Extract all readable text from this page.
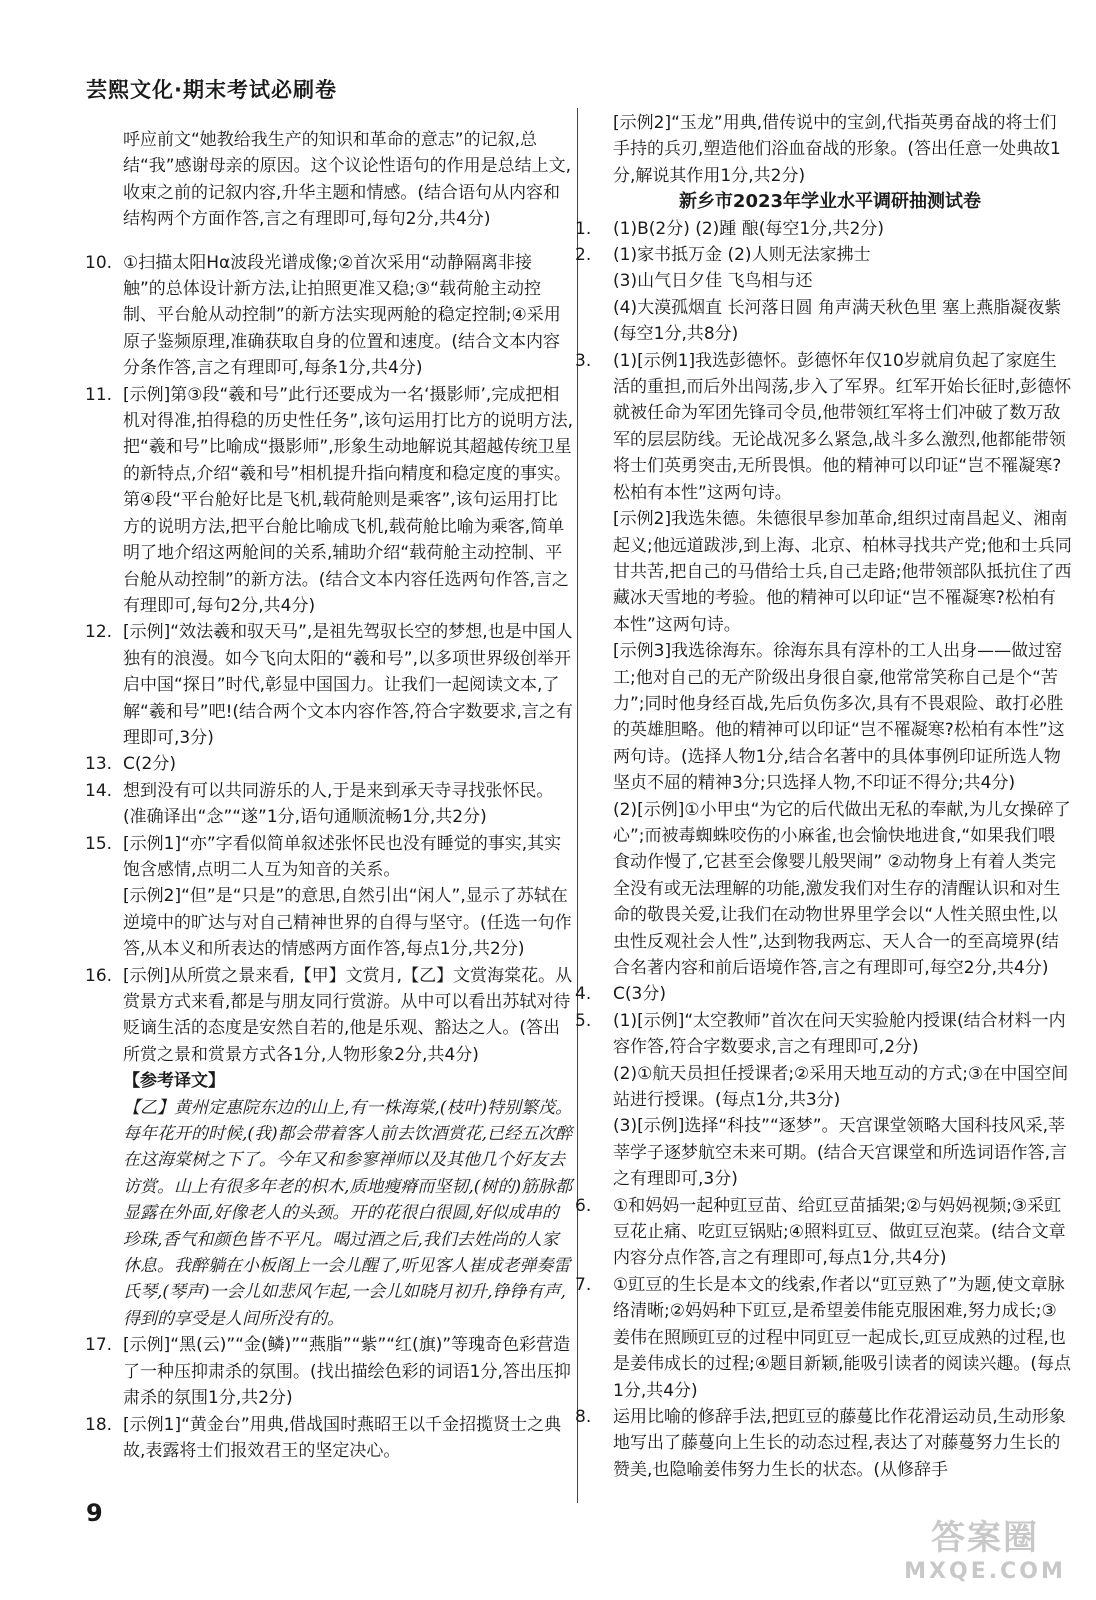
芸熙文化·期末考试必刷卷

呼应前文“她教给我生产的知识和革命的意志”的记叙,总结“我”感谢母亲的原因。这个议论性语句的作用是总结上文,收束之前的记叙内容,升华主题和情感。(结合语句从内容和结构两个方面作答,言之有理即可,每句2分,共4分)

10. ①扫描太阳Hα波段光谱成像;②首次采用“动静隔离非接触”的总体设计新方法,让拍照更准又稳;③“载荷舱主动控制、平台舱从动控制”的新方法实现两舱的稳定控制;④采用原子鉴频原理,准确获取自身的位置和速度。(结合文本内容分条作答,言之有理即可,每条1分,共4分)
11. [示例]第③段“羲和号”此行还要成为一名‘摄影师’,完成把相机对得准,拍得稳的历史性任务”,该句运用打比方的说明方法,把“羲和号”比喻成“摄影师”,形象生动地解说其超越传统卫星的新特点,介绍“羲和号”相机提升指向精度和稳定度的事实。第④段“平台舱好比是飞机,载荷舱则是乘客”,该句运用打比方的说明方法,把平台舱比喻成飞机,载荷舱比喻为乘客,简单明了地介绍这两舱间的关系,辅助介绍“载荷舱主动控制、平台舱从动控制”的新方法。(结合文本内容任选两句作答,言之有理即可,每句2分,共4分)
12. [示例]“效法羲和驭天马”,是祖先驾驭长空的梦想,也是中国人独有的浪漫。如今飞向太阳的“羲和号”,以多项世界级创举开启中国“探日”时代,彰显中国国力。让我们一起阅读文本,了解“羲和号”吧!(结合两个文本内容作答,符合字数要求,言之有理即可,3分)
13. C(2分)
14. 想到没有可以共同游乐的人,于是来到承天寺寻找张怀民。(准确译出“念”“遂”1分,语句通顺流畅1分,共2分)
15. [示例1]“亦”字看似简单叙述张怀民也没有睡觉的事实,其实饱含感情,点明二人互为知音的关系。

[示例2]“但”是“只是”的意思,自然引出“闲人”,显示了苏轼在逆境中的旷达与对自己精神世界的自得与坚守。(任选一句作答,从本义和所表达的情感两方面作答,每点1分,共2分)

16. [示例]从所赏之景来看,【甲】文赏月,【乙】文赏海棠花。从赏景方式来看,都是与朋友同行赏游。从中可以看出苏轼对待贬谪生活的态度是安然自若的,他是乐观、豁达之人。(答出所赏之景和赏景方式各1分,人物形象2分,共4分)

【参考译文】

【乙】黄州定惠院东边的山上,有一株海棠,(枝叶)特别繁茂。每年花开的时候,(我)都会带着客人前去饮酒赏花,已经五次醉在这海棠树之下了。今年又和参寥禅师以及其他几个好友去访赏。山上有很多年老的枳木,质地瘦瘠而坚韧,(树的)筋脉都显露在外面,好像老人的头颈。开的花很白很圆,好似成串的珍珠,香气和颜色皆不平凡。喝过酒之后,我们去姓尚的人家休息。我醉躺在小板阁上一会儿醒了,听见客人崔成老弹奏雷氏琴,(琴声)一会儿如悲风乍起,一会儿如晓月初升,铮铮有声,得到的享受是人间所没有的。

17. [示例]“黑(云)”“金(鳞)”“燕脂”“紫”“红(旗)”等瑰奇色彩营造了一种压抑肃杀的氛围。(找出描绘色彩的词语1分,答出压抑肃杀的氛围1分,共2分)
18. [示例1]“黄金台”用典,借战国时燕昭王以千金招揽贤士之典故,表露将士们报效君王的坚定决心。

[示例2]“玉龙”用典,借传说中的宝剑,代指英勇奋战的将士们手持的兵刃,塑造他们浴血奋战的形象。(答出任意一处典故1分,解说其作用1分,共2分)

新乡市2023年学业水平调研抽测试卷

1.	(1)B(2分) (2)踵 酿(每空1分,共2分)
2.	(1)家书抵万金 (2)人则无法家拂士

(3)山气日夕佳 飞鸟相与还

(4)大漠孤烟直 长河落日圆 角声满天秋色里 塞上燕脂凝夜紫(每空1分,共8分)

3.	(1)[示例1]我选彭德怀。彭德怀年仅10岁就肩负起了家庭生活的重担,而后外出闯荡,步入了军界。红军开始长征时,彭德怀就被任命为军团先锋司令员,他带领红军将士们冲破了数万敌军的层层防线。无论战况多么紧急,战斗多么激烈,他都能带领将士们英勇突击,无所畏惧。他的精神可以印证“岂不罹凝寒?松柏有本性”这两句诗。

[示例2]我选朱德。朱德很早参加革命,组织过南昌起义、湘南起义;他远道跋涉,到上海、北京、柏林寻找共产党;他和士兵同甘共苦,把自己的马借给士兵,自己走路;他带领部队抵抗住了西藏冰天雪地的考验。他的精神可以印证“岂不罹凝寒?松柏有本性”这两句诗。

[示例3]我选徐海东。徐海东具有淳朴的工人出身——做过窑工;他对自己的无产阶级出身很自豪,他常常笑称自己是个“苦力”;同时他身经百战,先后负伤多次,具有不畏艰险、敢打必胜的英雄胆略。他的精神可以印证“岂不罹凝寒?松柏有本性”这两句诗。(选择人物1分,结合名著中的具体事例印证所选人物坚贞不屈的精神3分;只选择人物,不印证不得分;共4分)

(2)[示例]①小甲虫“为它的后代做出无私的奉献,为儿女操碎了心”;而被毒蜘蛛咬伤的小麻雀,也会愉快地进食,“如果我们喂食动作慢了,它甚至会像婴儿般哭闹” ②动物身上有着人类完全没有或无法理解的功能,激发我们对生存的清醒认识和对生命的敬畏关爱,让我们在动物世界里学会以“人性关照虫性,以虫性反观社会人性”,达到物我两忘、天人合一的至高境界(结合名著内容和前后语境作答,言之有理即可,每空2分,共4分)

4.	C(3分)
5.	(1)[示例]“太空教师”首次在问天实验舱内授课(结合材料一内容作答,符合字数要求,言之有理即可,2分)

(2)①航天员担任授课者;②采用天地互动的方式;③在中国空间站进行授课。(每点1分,共3分)

(3)[示例]选择“科技”“逐梦”。天宫课堂领略大国科技风采,莘莘学子逐梦航空未来可期。(结合天宫课堂和所选词语作答,言之有理即可,3分)

6.	①和妈妈一起种豇豆苗、给豇豆苗插架;②与妈妈视频;③采豇豆花止痛、吃豇豆锅贴;④照料豇豆、做豇豆泡菜。(结合文章内容分点作答,言之有理即可,每点1分,共4分)
7.	①豇豆的生长是本文的线索,作者以“豇豆熟了”为题,使文章脉络清晰;②妈妈种下豇豆,是希望姜伟能克服困难,努力成长;③姜伟在照顾豇豆的过程中同豇豆一起成长,豇豆成熟的过程,也是姜伟成长的过程;④题目新颖,能吸引读者的阅读兴趣。(每点1分,共4分)
8.	运用比喻的修辞手法,把豇豆的藤蔓比作花滑运动员,生动形象地写出了藤蔓向上生长的动态过程,表达了对藤蔓努力生长的赞美,也隐喻姜伟努力生长的状态。(从修辞手
9
答案圈
MXQE.COM
